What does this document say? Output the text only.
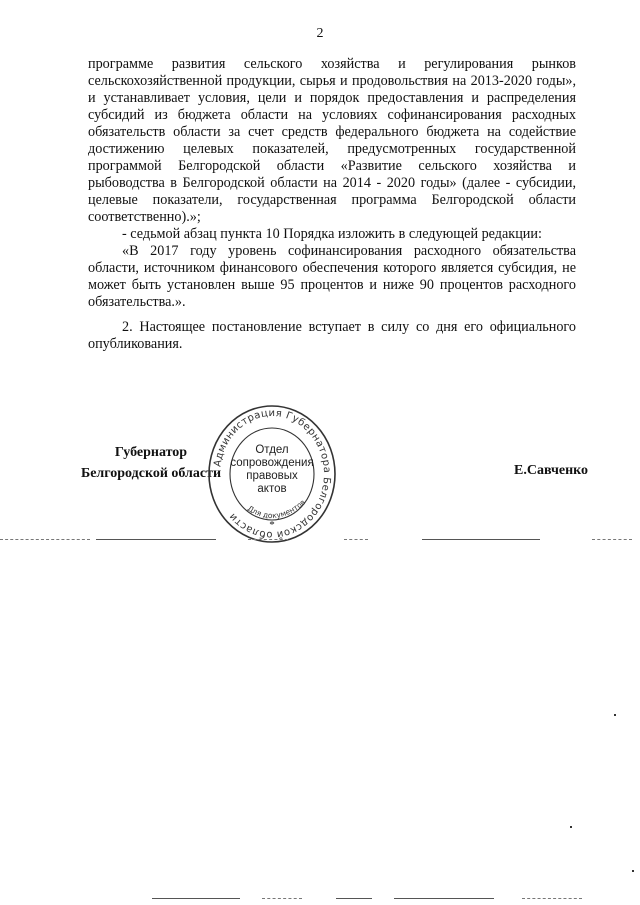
2

программе развития сельского хозяйства и регулирования рынков сельскохозяйственной продукции, сырья и продовольствия на 2013-2020 годы», и устанавливает условия, цели и порядок предоставления и распределения субсидий из бюджета области на условиях софинансирования расходных обязательств области за счет средств федерального бюджета на содействие достижению целевых показателей, предусмотренных государственной программой Белгородской области «Развитие сельского хозяйства и рыбоводства в Белгородской области на 2014 - 2020 годы» (далее - субсидии, целевые показатели, государственная программа Белгородской области соответственно).»;

- седьмой абзац пункта 10 Порядка изложить в следующей редакции:

«В 2017 году уровень софинансирования расходного обязательства области, источником финансового обеспечения которого является субсидия, не может быть установлен выше 95 процентов и ниже 90 процентов расходного обязательства.».

2. Настоящее постановление вступает в силу со дня его официального опубликования.

Губернатор
Белгородской области	Е.Савченко
Администрация Губернатора Белгородской области
Для документов
Отдел
сопровождения
правовых
актов
*
